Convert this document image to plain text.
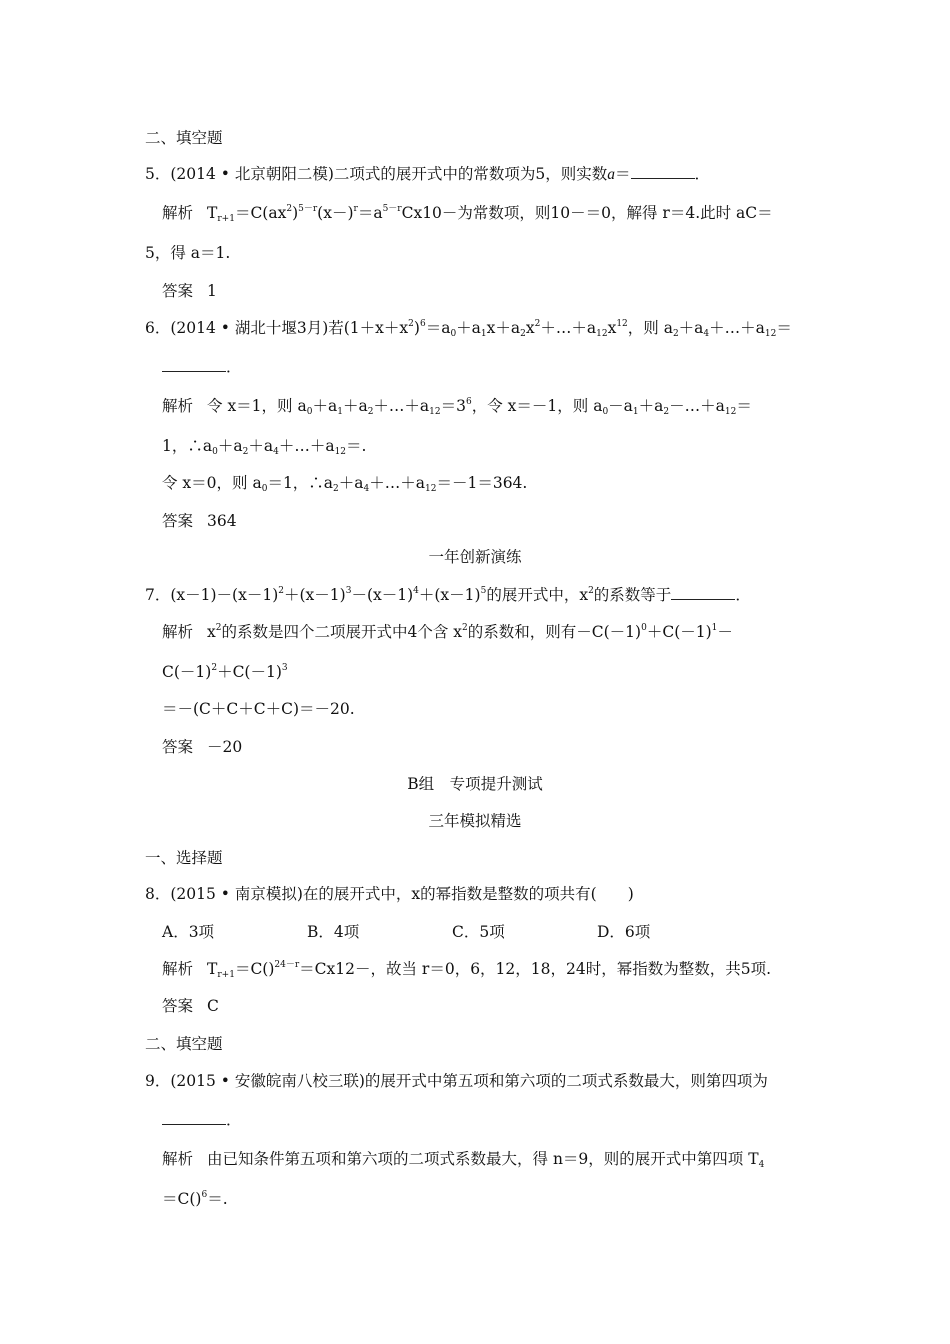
二、填空题
5．(2014 • 北京朝阳二模)二项式的展开式中的常数项为5，则实数a＝	．
解析 $T_{r+1}=C(ax^2)^{5-r}(x-)^r=a^{5-r}Cx10-$为常数项，则10－＝0，解得 r＝4.此时 aC＝
5，得 a＝1.
答案 1
6．(2014 • 湖北十堰3月)若$(1+x+x^2)^6=a_0+a_1x+a_2x^2+\dots+a_{12}x^{12}$，则 $a_2+a_4+\dots+a_{12}=$
．
解析 令 x＝1，则 $a_0+a_1+a_2+\dots+a_{12}=3^6$，令 x＝－1，则 $a_0-a_1+a_2-\dots+a_{12}=$
1，$\therefore a_0+a_2+a_4+\dots+a_{12}=$.
令 x＝0，则 $a_0=1$，$\therefore a_2+a_4+\dots+a_{12}=-1=364$.
答案 364
一年创新演练
7．$(x-1)-(x-1)^2+(x-1)^3-(x-1)^4+(x-1)^5$的展开式中，$x^2$的系数等于	．
解析 $x^2$的系数是四个二项展开式中4个含 $x^2$的系数和，则有$-C(-1)^0+C(-1)^1-$
$C(-1)^2+C(-1)^3$
＝－(C＋C＋C＋C)＝－20.
答案 －20
B组　专项提升测试
三年模拟精选
一、选择题
8．(2015 • 南京模拟)在的展开式中，x的幂指数是整数的项共有(　　)
A．3项	B．4项	C．5项	D．6项
解析 $T_{r+1}=C()^{24-r}=Cx12-$，故当 r＝0，6，12，18，24时，幂指数为整数，共5项.
答案 C
二、填空题
9．(2015 • 安徽皖南八校三联)的展开式中第五项和第六项的二项式系数最大，则第四项为
．
解析 由已知条件第五项和第六项的二项式系数最大，得 n＝9，则的展开式中第四项 $T_4$
＝C()$^6$＝.
